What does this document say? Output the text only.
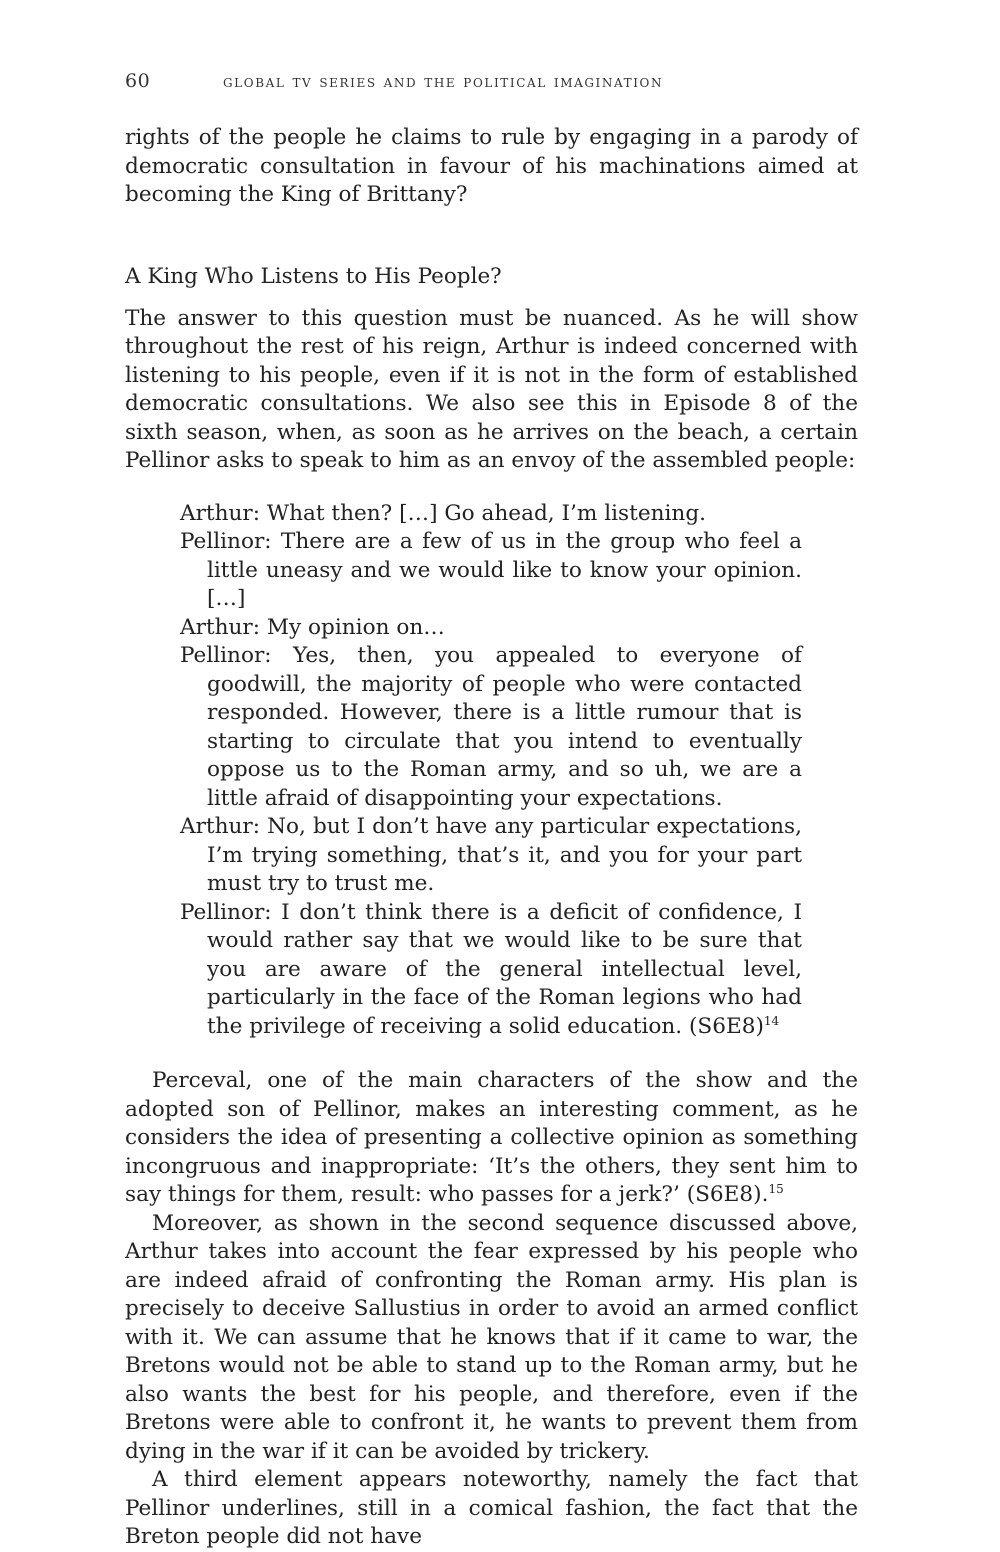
60	global tv series and the political imagination

rights of the people he claims to rule by engaging in a parody of democratic consultation in favour of his machinations aimed at becoming the King of Brittany?

A King Who Listens to His People?

The answer to this question must be nuanced. As he will show throughout the rest of his reign, Arthur is indeed concerned with listening to his people, even if it is not in the form of established democratic consultations. We also see this in Episode 8 of the sixth season, when, as soon as he arrives on the beach, a certain Pellinor asks to speak to him as an envoy of the assembled people:

Arthur: What then? […] Go ahead, I’m listening.
Pellinor: There are a few of us in the group who feel a little uneasy and we would like to know your opinion. […]
Arthur: My opinion on…
Pellinor: Yes, then, you appealed to everyone of goodwill, the majority of people who were contacted responded. However, there is a little rumour that is starting to circulate that you intend to eventually oppose us to the Roman army, and so uh, we are a little afraid of disappointing your expectations.
Arthur: No, but I don’t have any particular expectations, I’m trying something, that’s it, and you for your part must try to trust me.
Pellinor: I don’t think there is a deficit of confidence, I would rather say that we would like to be sure that you are aware of the general intellectual level, particularly in the face of the Roman legions who had the privilege of receiving a solid education. $(S6E8)^{14}$

Perceval, one of the main characters of the show and the adopted son of Pellinor, makes an interesting comment, as he considers the idea of presenting a collective opinion as something incongruous and inappropriate: ‘It’s the others, they sent him to say things for them, result: who passes for a jerk?’ (S6E8).$^{15}$

Moreover, as shown in the second sequence discussed above, Arthur takes into account the fear expressed by his people who are indeed afraid of confronting the Roman army. His plan is precisely to deceive Sallustius in order to avoid an armed conflict with it. We can assume that he knows that if it came to war, the Bretons would not be able to stand up to the Roman army, but he also wants the best for his people, and therefore, even if the Bretons were able to confront it, he wants to prevent them from dying in the war if it can be avoided by trickery.

A third element appears noteworthy, namely the fact that Pellinor underlines, still in a comical fashion, the fact that the Breton people did not have
